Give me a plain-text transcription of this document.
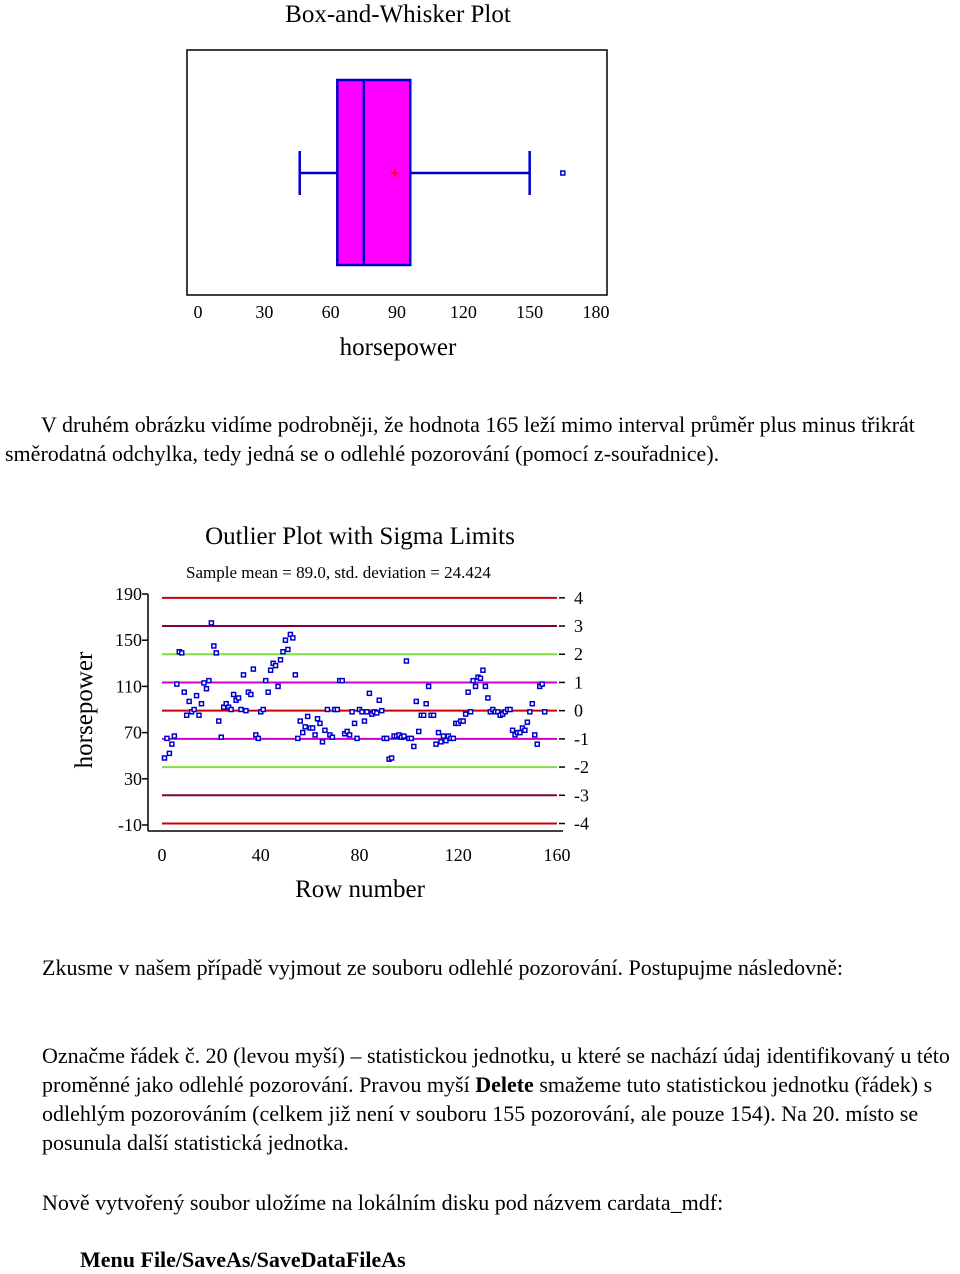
Box-and-Whisker Plot
0	30	60	90 120 150 180
horsepower
V druhém obrázku vidíme podrobněji, že hodnota 165 leží mimo interval průměr plus minus třikrát směrodatná odchylka, tedy jedná se o odlehlé pozorování (pomocí z-souřadnice).
Outlier Plot with Sigma Limits
Sample mean = 89.0, std. deviation = 24.424
horsepower
190
150
110
70
30
-10
4
3
2
1
0
-1
-2
-3
-4
0	40	80	120	160
Row number
Zkusme v našem případě vyjmout ze souboru odlehlé pozorování. Postupujme následovně:
Označme řádek č. 20 (levou myší) – statistickou jednotku, u které se nachází údaj identifikovaný u této proměnné jako odlehlé pozorování. Pravou myší Delete smažeme tuto statistickou jednotku (řádek) s odlehlým pozorováním (celkem již není v souboru 155 pozorování, ale pouze 154). Na 20. místo se posunula další statistická jednotka.
Nově vytvořený soubor uložíme na lokálním disku pod názvem cardata_mdf:
Menu File/SaveAs/SaveDataFileAs
